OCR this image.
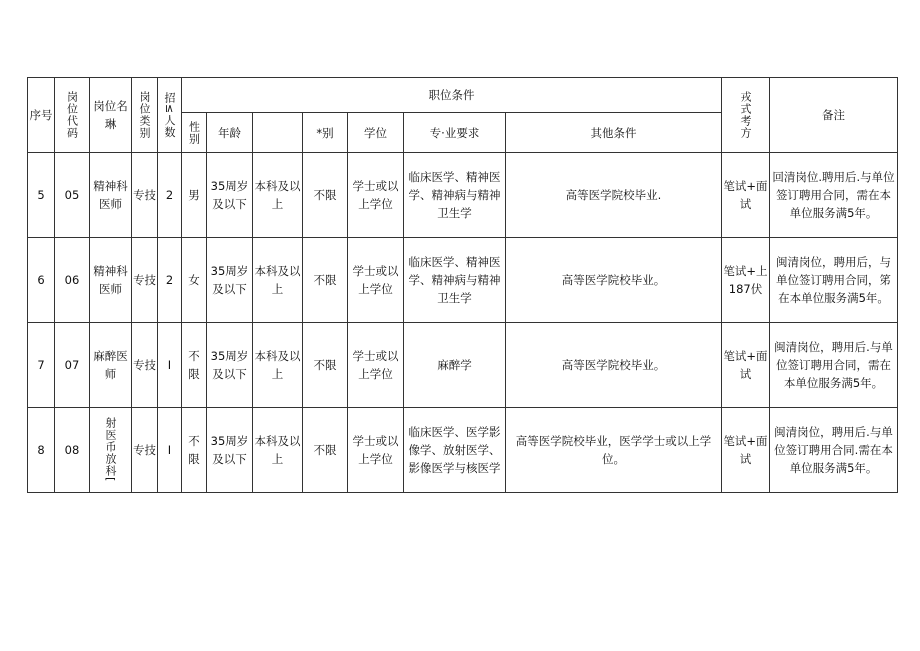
序号	岗位代码	岗位名琳	岗位类别	招≤人数	职位条件							戎式考方	备注

					性别	年龄		*别	学位	专·业要求	其他条件		
5	05	精神科医师	专技	2	男	35周岁及以下	本科及以上	不限	学士或以上学位	临床医学、精神医学、精神病与精神卫生学	高等医学院校毕业.	笔试+面试	回清岗位.聘用后.与单位签订聘用合同，需在本单位服务满5年。
6	06	精神科医师	专技	2	女	35周岁及以下	本科及以上	不限	学士或以上学位	临床医学、精神医学、精神病与精神卫生学	高等医学院校毕业。	笔试+上187伏	闽清岗位，聘用后，与单位签订聘用合同，笫在本单位服务满5年。
7	07	麻醉医师	专技	I	不限	35周岁及以下	本科及以上	不限	学士或以上学位	麻醉学	高等医学院校毕业。	笔试+面试	闽清岗位，聘用后.与单位签订聘用合同，需在本单位服务满5年。
8	08	射医币放科[	专技	I	不限	35周岁及以下	本科及以上	不限	学士或以上学位	临床医学、医学影像学、放射医学、影像医学与核医学	高等医学院校毕业，医学学士或以上学位。	笔试+面试	闽清岗位，聘用后.与单位签订聘用合同.需在本单位服务满5年。
